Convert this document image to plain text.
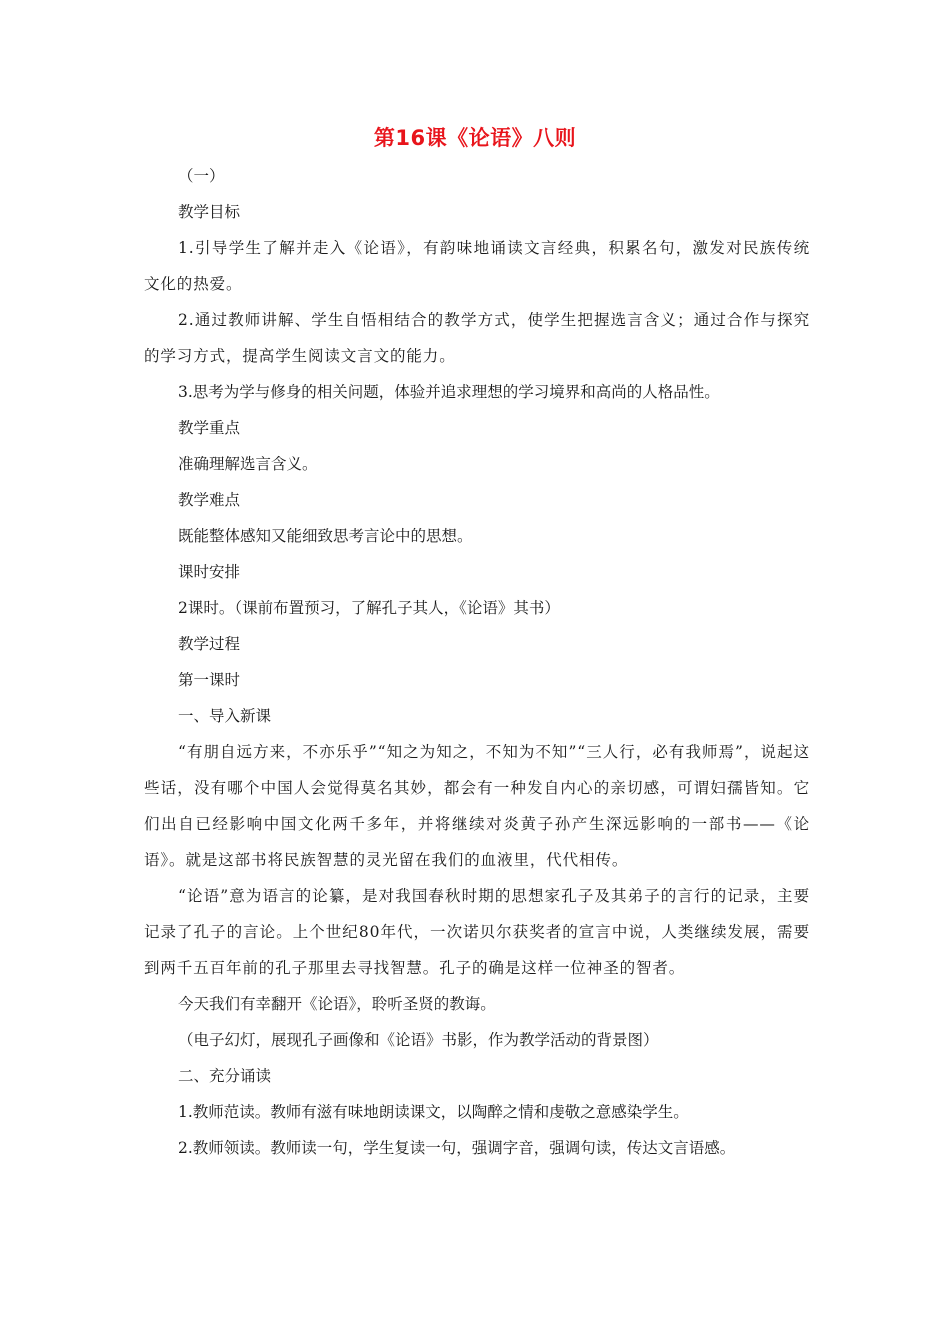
第16课《论语》八则

（一）

教学目标

1.引导学生了解并走入《论语》，有韵味地诵读文言经典，积累名句，激发对民族传统文化的热爱。

2.通过教师讲解、学生自悟相结合的教学方式，使学生把握选言含义；通过合作与探究的学习方式，提高学生阅读文言文的能力。

3.思考为学与修身的相关问题，体验并追求理想的学习境界和高尚的人格品性。

教学重点

准确理解选言含义。

教学难点

既能整体感知又能细致思考言论中的思想。

课时安排

2课时。（课前布置预习，了解孔子其人，《论语》其书）

教学过程

第一课时

一、导入新课

“有朋自远方来，不亦乐乎”“知之为知之，不知为不知”“三人行，必有我师焉”，说起这些话，没有哪个中国人会觉得莫名其妙，都会有一种发自内心的亲切感，可谓妇孺皆知。它们出自已经影响中国文化两千多年，并将继续对炎黄子孙产生深远影响的一部书——《论语》。就是这部书将民族智慧的灵光留在我们的血液里，代代相传。

“论语”意为语言的论纂，是对我国春秋时期的思想家孔子及其弟子的言行的记录，主要记录了孔子的言论。上个世纪80年代，一次诺贝尔获奖者的宣言中说，人类继续发展，需要到两千五百年前的孔子那里去寻找智慧。孔子的确是这样一位神圣的智者。

今天我们有幸翻开《论语》，聆听圣贤的教诲。

（电子幻灯，展现孔子画像和《论语》书影，作为教学活动的背景图）

二、充分诵读

1.教师范读。教师有滋有味地朗读课文，以陶醉之情和虔敬之意感染学生。

2.教师领读。教师读一句，学生复读一句，强调字音，强调句读，传达文言语感。
